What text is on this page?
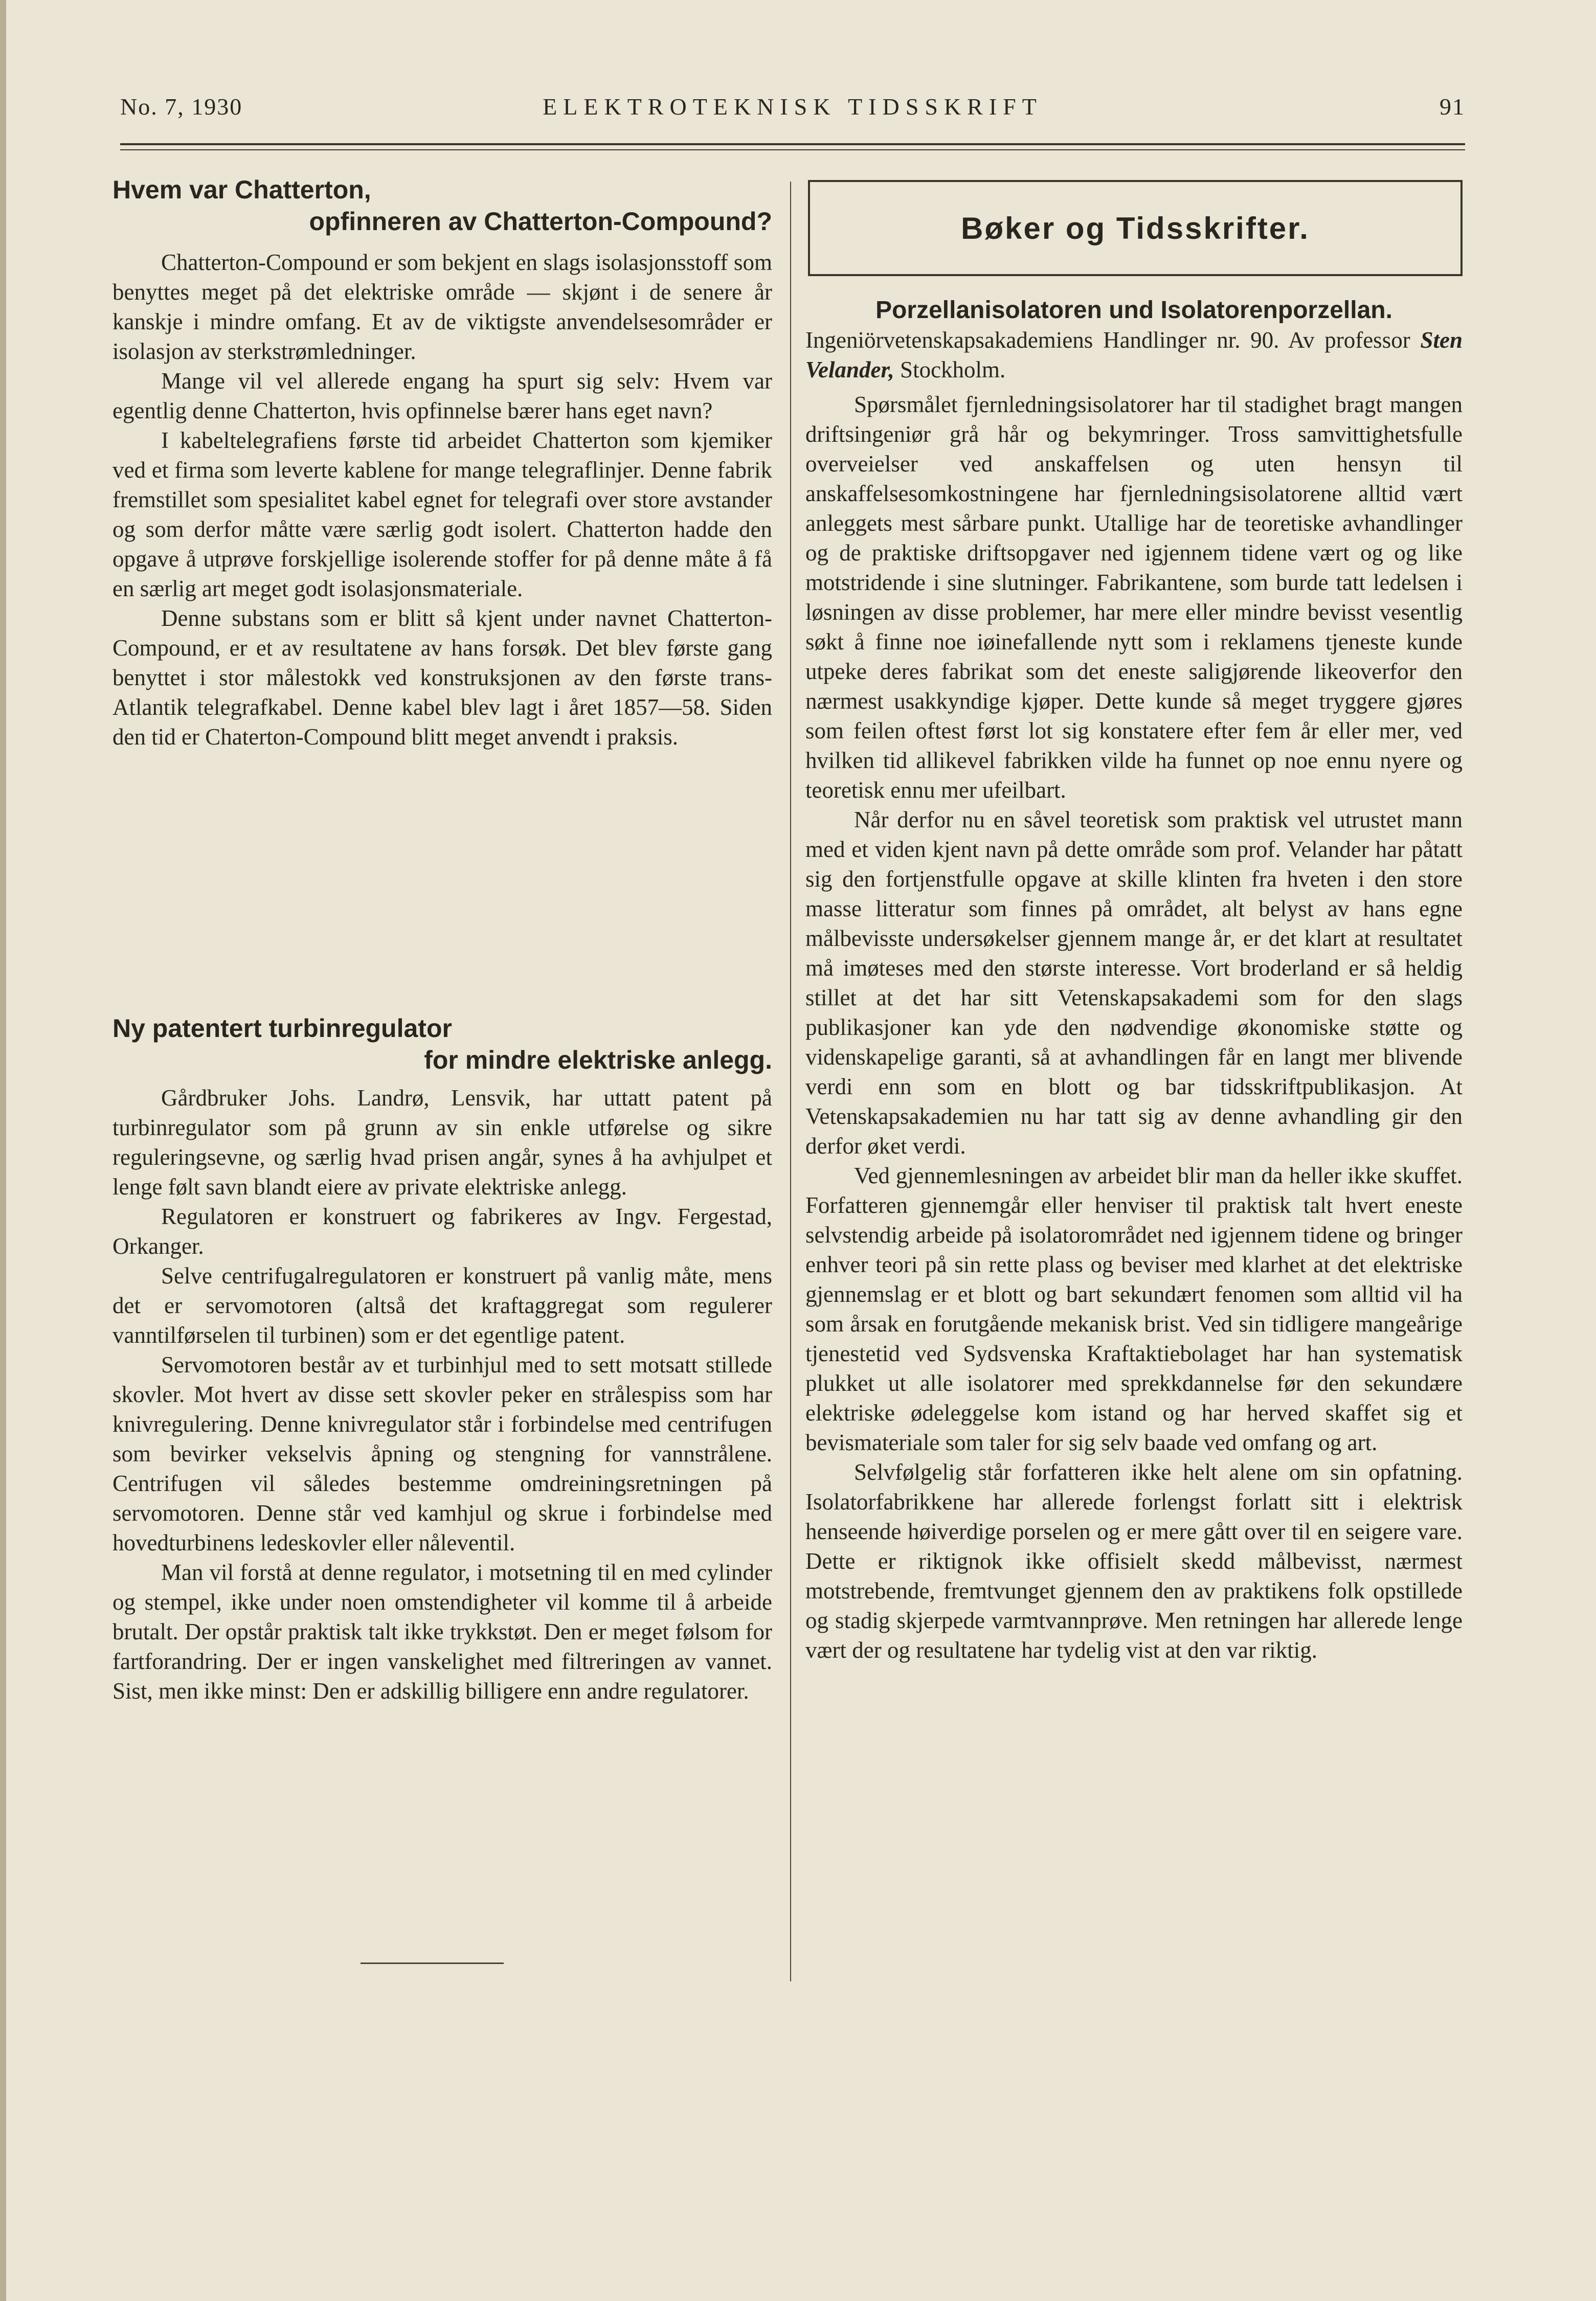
No. 7, 1930	ELEKTROTEKNISK TIDSSKRIFT	91
Hvem var Chatterton,
opfinneren av Chatterton-Compound?

Chatterton-Compound er som bekjent en slags isolasjonsstoff som benyttes meget på det elektriske område — skjønt i de senere år kanskje i mindre omfang. Et av de viktigste anvendelsesområder er isolasjon av sterkstrømledninger.

Mange vil vel allerede engang ha spurt sig selv: Hvem var egentlig denne Chatterton, hvis opfinnelse bærer hans eget navn?

I kabeltelegrafiens første tid arbeidet Chatterton som kjemiker ved et firma som leverte kablene for mange telegraflinjer. Denne fabrik fremstillet som spesialitet kabel egnet for telegrafi over store avstander og som derfor måtte være særlig godt isolert. Chatterton hadde den opgave å utprøve forskjellige isolerende stoffer for på denne måte å få en særlig art meget godt isolasjonsmateriale.

Denne substans som er blitt så kjent under navnet Chatterton-Compound, er et av resultatene av hans forsøk. Det blev første gang benyttet i stor målestokk ved konstruksjonen av den første trans-Atlantik telegrafkabel. Denne kabel blev lagt i året 1857—58. Siden den tid er Chaterton-Compound blitt meget anvendt i praksis.

Ny patentert turbinregulator
for mindre elektriske anlegg.

Gårdbruker Johs. Landrø, Lensvik, har uttatt patent på turbinregulator som på grunn av sin enkle utførelse og sikre reguleringsevne, og særlig hvad prisen angår, synes å ha avhjulpet et lenge følt savn blandt eiere av private elektriske anlegg.

Regulatoren er konstruert og fabrikeres av Ingv. Fergestad, Orkanger.

Selve centrifugalregulatoren er konstruert på vanlig måte, mens det er servomotoren (altså det kraftaggregat som regulerer vanntilførselen til turbinen) som er det egentlige patent.

Servomotoren består av et turbinhjul med to sett motsatt stillede skovler. Mot hvert av disse sett skovler peker en strålespiss som har knivregulering. Denne knivregulator står i forbindelse med centrifugen som bevirker vekselvis åpning og stengning for vannstrålene. Centrifugen vil således bestemme omdreiningsretningen på servomotoren. Denne står ved kamhjul og skrue i forbindelse med hovedturbinens ledeskovler eller nåleventil.

Man vil forstå at denne regulator, i motsetning til en med cylinder og stempel, ikke under noen omstendigheter vil komme til å arbeide brutalt. Der opstår praktisk talt ikke trykkstøt. Den er meget følsom for fartforandring. Der er ingen vanskelighet med filtreringen av vannet. Sist, men ikke minst: Den er adskillig billigere enn andre regulatorer.

Bøker og Tidsskrifter.

Porzellanisolatoren und Isolatorenporzellan.

Ingeniörvetenskapsakademiens Handlinger nr. 90. Av professor Sten Velander, Stockholm.

Spørsmålet fjernledningsisolatorer har til stadighet bragt mangen driftsingeniør grå hår og bekymringer. Tross samvittighetsfulle overveielser ved anskaffelsen og uten hensyn til anskaffelsesomkostningene har fjernledningsisolatorene alltid vært anleggets mest sårbare punkt. Utallige har de teoretiske avhandlinger og de praktiske driftsopgaver ned igjennem tidene vært og og like motstridende i sine slutninger. Fabrikantene, som burde tatt ledelsen i løsningen av disse problemer, har mere eller mindre bevisst vesentlig søkt å finne noe iøinefallende nytt som i reklamens tjeneste kunde utpeke deres fabrikat som det eneste saligjørende likeoverfor den nærmest usakkyndige kjøper. Dette kunde så meget tryggere gjøres som feilen oftest først lot sig konstatere efter fem år eller mer, ved hvilken tid allikevel fabrikken vilde ha funnet op noe ennu nyere og teoretisk ennu mer ufeilbart.

Når derfor nu en såvel teoretisk som praktisk vel utrustet mann med et viden kjent navn på dette område som prof. Velander har påtatt sig den fortjenstfulle opgave at skille klinten fra hveten i den store masse litteratur som finnes på området, alt belyst av hans egne målbevisste undersøkelser gjennem mange år, er det klart at resultatet må imøteses med den største interesse. Vort broderland er så heldig stillet at det har sitt Vetenskapsakademi som for den slags publikasjoner kan yde den nødvendige økonomiske støtte og videnskapelige garanti, så at avhandlingen får en langt mer blivende verdi enn som en blott og bar tidsskriftpublikasjon. At Vetenskapsakademien nu har tatt sig av denne avhandling gir den derfor øket verdi.

Ved gjennemlesningen av arbeidet blir man da heller ikke skuffet. Forfatteren gjennemgår eller henviser til praktisk talt hvert eneste selvstendig arbeide på isolatorområdet ned igjennem tidene og bringer enhver teori på sin rette plass og beviser med klarhet at det elektriske gjennemslag er et blott og bart sekundært fenomen som alltid vil ha som årsak en forutgående mekanisk brist. Ved sin tidligere mangeårige tjenestetid ved Sydsvenska Kraftaktiebolaget har han systematisk plukket ut alle isolatorer med sprekkdannelse før den sekundære elektriske ødeleggelse kom istand og har herved skaffet sig et bevismateriale som taler for sig selv baade ved omfang og art.

Selvfølgelig står forfatteren ikke helt alene om sin opfatning. Isolatorfabrikkene har allerede forlengst forlatt sitt i elektrisk henseende høiverdige porselen og er mere gått over til en seigere vare. Dette er riktignok ikke offisielt skedd målbevisst, nærmest motstrebende, fremtvunget gjennem den av praktikens folk opstillede og stadig skjerpede varmtvannprøve. Men retningen har allerede lenge vært der og resultatene har tydelig vist at den var riktig.
